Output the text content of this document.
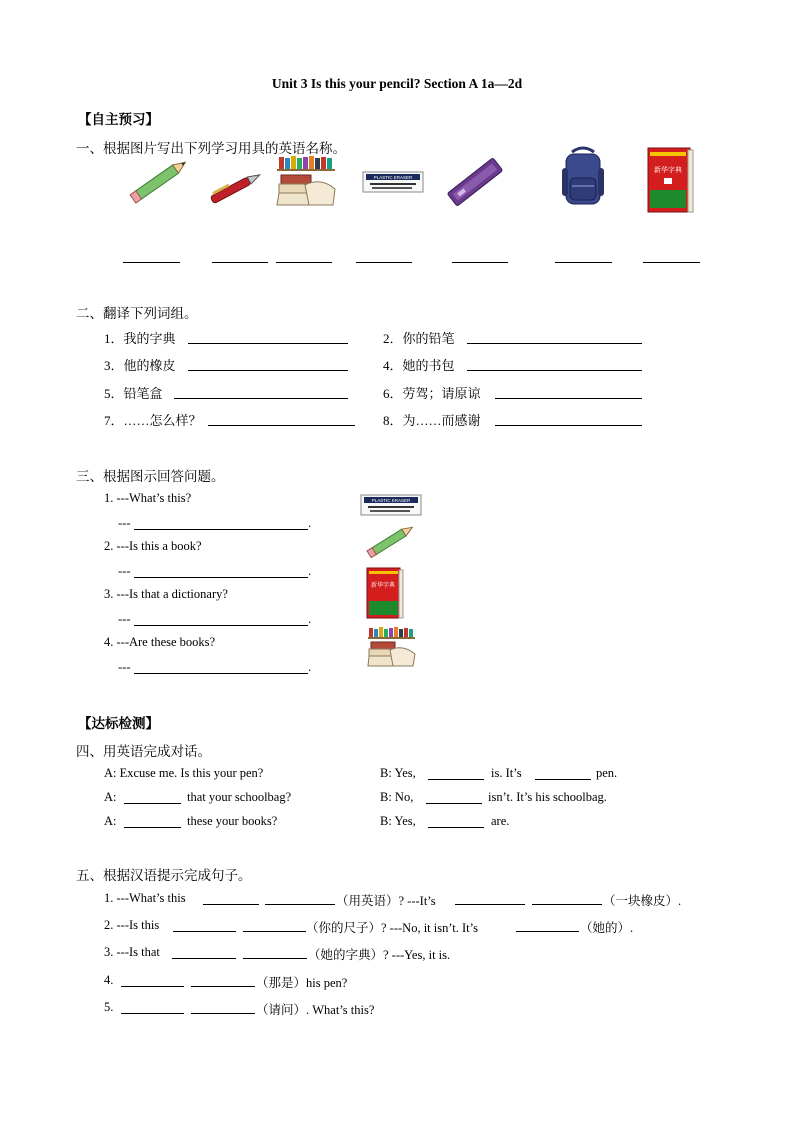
Unit 3 Is this your pencil? Section A 1a—2d
【自主预习】
一、根据图片写出下列学习用具的英语名称。
PLASTIC ERASER
新华字典
二、翻译下列词组。
1．我的字典	2．你的铅笔
3．他的橡皮	4．她的书包
5．铅笔盒	6．劳驾；请原谅
7．……怎么样？	8．为……而感谢
三、根据图示回答问题。
1. ---What’s this?
---	.
2. ---Is this a book?
---	.
3. ---Is that a dictionary?
---	.
4. ---Are these books?
---	.
PLASTIC ERASER
新华字典
【达标检测】
四、用英语完成对话。
A: Excuse me. Is this your pen?	B: Yes,	is. It’s	pen.
A:	that your schoolbag?	B: No,	isn’t. It’s his schoolbag.
A:	these your books?	B: Yes,	are.
五、根据汉语提示完成句子。
1. ---What’s this	（用英语）? ---It’s	（一块橡皮）.
2. ---Is this	（你的尺子）? ---No, it isn’t. It’s	（她的）.
3. ---Is that	（她的字典）? ---Yes, it is.
4.	（那是）his pen?
5.	（请问）. What’s this?
